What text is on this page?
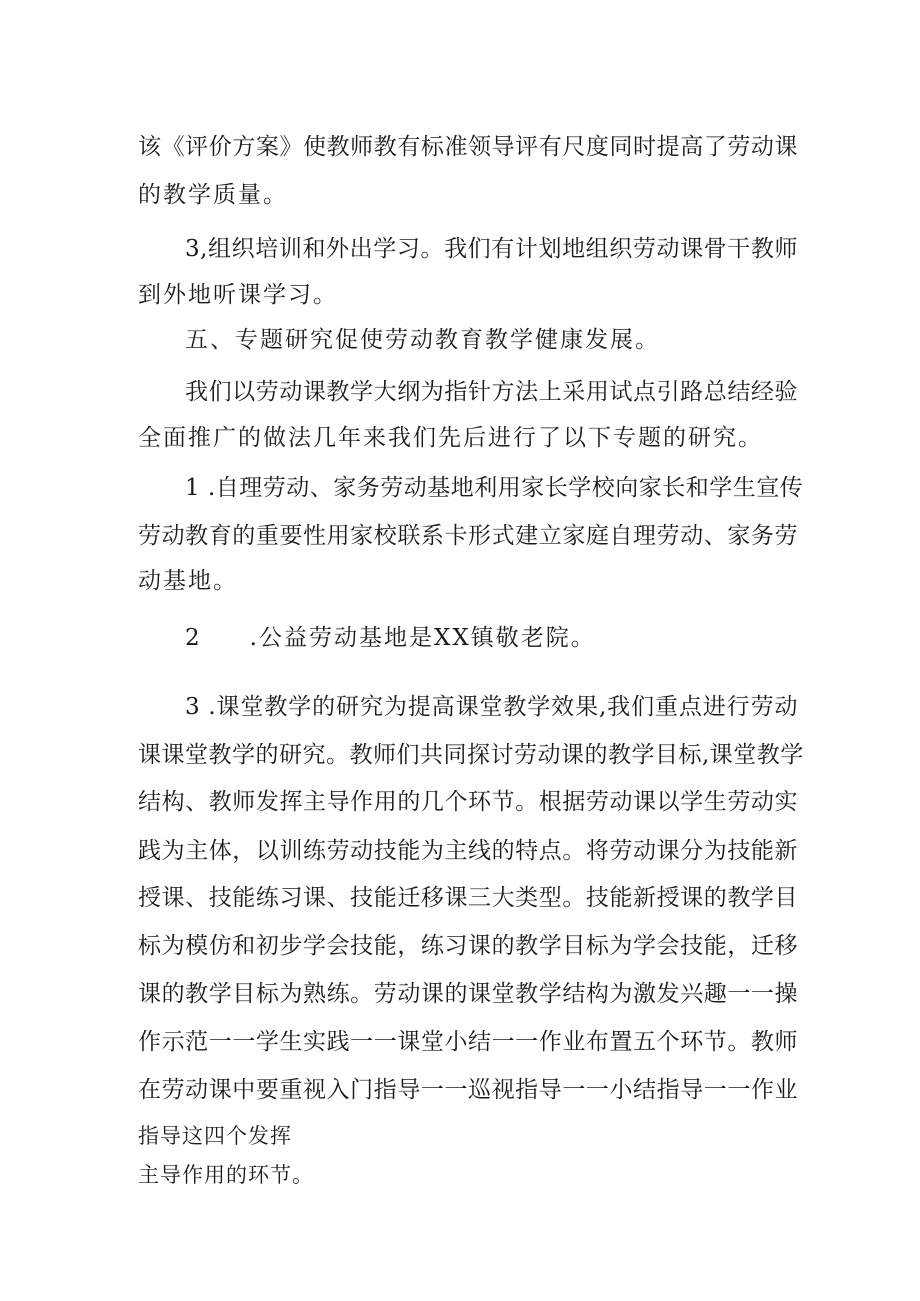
该《评价方案》使教师教有标准领导评有尺度同时提高了劳动课
的教学质量。
3,组织培训和外出学习。我们有计划地组织劳动课骨干教师
到外地听课学习。
五、专题研究促使劳动教育教学健康发展。
我们以劳动课教学大纲为指针方法上采用试点引路总结经验
全面推广的做法几年来我们先后进行了以下专题的研究。
1 .自理劳动、家务劳动基地利用家长学校向家长和学生宣传
劳动教育的重要性用家校联系卡形式建立家庭自理劳动、家务劳
动基地。
2 .公益劳动基地是XX镇敬老院。
3 .课堂教学的研究为提高课堂教学效果,我们重点进行劳动
课课堂教学的研究。教师们共同探讨劳动课的教学目标,课堂教学
结构、教师发挥主导作用的几个环节。根据劳动课以学生劳动实
践为主体，以训练劳动技能为主线的特点。将劳动课分为技能新
授课、技能练习课、技能迁移课三大类型。技能新授课的教学目
标为模仿和初步学会技能，练习课的教学目标为学会技能，迁移
课的教学目标为熟练。劳动课的课堂教学结构为激发兴趣一一操
作示范一一学生实践一一课堂小结一一作业布置五个环节。教师
在劳动课中要重视入门指导一一巡视指导一一小结指导一一作业
指导这四个发挥
主导作用的环节。
